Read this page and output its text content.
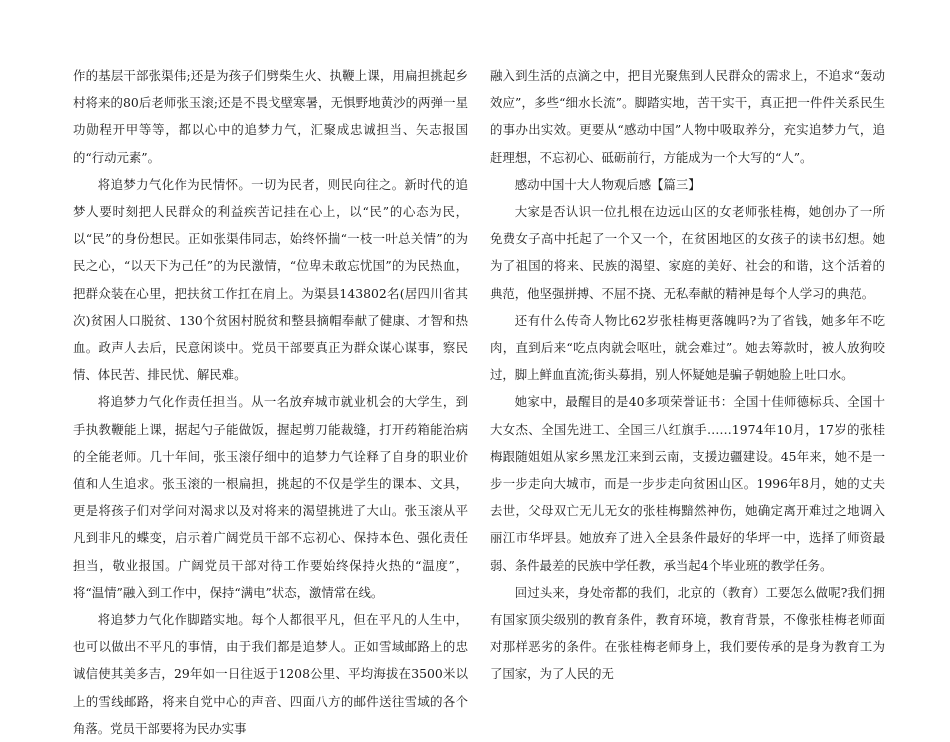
作的基层干部张渠伟;还是为孩子们劈柴生火、执鞭上课，用扁担挑起乡村将来的80后老师张玉滚;还是不畏戈壁寒暑，无惧野地黄沙的两弹一星功勋程开甲等等，都以心中的追梦力气，汇聚成忠诚担当、矢志报国的“行动元素”。

将追梦力气化作为民情怀。一切为民者，则民向往之。新时代的追梦人要时刻把人民群众的利益疾苦记挂在心上，以“民”的心态为民，以“民”的身份想民。正如张渠伟同志，始终怀揣“一枝一叶总关情”的为民之心，“以天下为己任”的为民激情，“位卑未敢忘忧国”的为民热血，把群众装在心里，把扶贫工作扛在肩上。为渠县143802名(居四川省其次)贫困人口脱贫、130个贫困村脱贫和整县摘帽奉献了健康、才智和热血。政声人去后，民意闲谈中。党员干部要真正为群众谋心谋事，察民情、体民苦、排民忧、解民难。

将追梦力气化作责任担当。从一名放弃城市就业机会的大学生，到手执教鞭能上课，据起勺子能做饭，握起剪刀能裁缝，打开药箱能治病的全能老师。几十年间，张玉滚仔细中的追梦力气诠释了自身的职业价值和人生追求。张玉滚的一根扁担，挑起的不仅是学生的课本、文具，更是将孩子们对学问对渴求以及对将来的渴望挑进了大山。张玉滚从平凡到非凡的蝶变，启示着广阔党员干部不忘初心、保持本色、强化责任担当，敬业报国。广阔党员干部对待工作要始终保持火热的“温度”，将“温情”融入到工作中，保持“满电”状态，激情常在线。

将追梦力气化作脚踏实地。每个人都很平凡，但在平凡的人生中，也可以做出不平凡的事情，由于我们都是追梦人。正如雪域邮路上的忠诚信使其美多吉，29年如一日往返于1208公里、平均海拔在3500米以上的雪线邮路，将来自党中心的声音、四面八方的邮件送往雪域的各个角落。党员干部要将为民办实事

融入到生活的点滴之中，把目光聚焦到人民群众的需求上，不追求“轰动效应”，多些“细水长流”。脚踏实地，苦干实干，真正把一件件关系民生的事办出实效。更要从“感动中国”人物中吸取养分，充实追梦力气，追赶理想，不忘初心、砥砺前行，方能成为一个大写的“人”。

感动中国十大人物观后感【篇三】

大家是否认识一位扎根在边远山区的女老师张桂梅，她创办了一所免费女子高中托起了一个又一个，在贫困地区的女孩子的读书幻想。她为了祖国的将来、民族的渴望、家庭的美好、社会的和谐，这个活着的典范，他坚强拼搏、不屈不挠、无私奉献的精神是每个人学习的典范。

还有什么传奇人物比62岁张桂梅更落魄吗?为了省钱，她多年不吃肉，直到后来“吃点肉就会呕吐，就会难过”。她去筹款时，被人放狗咬过，脚上鲜血直流;街头募捐，别人怀疑她是骗子朝她脸上吐口水。

她家中，最醒目的是40多项荣誉证书：全国十佳师德标兵、全国十大女杰、全国先进工、全国三八红旗手……1974年10月，17岁的张桂梅跟随姐姐从家乡黑龙江来到云南，支援边疆建设。45年来，她不是一步一步走向大城市，而是一步步走向贫困山区。1996年8月，她的丈夫去世，父母双亡无儿无女的张桂梅黯然神伤，她确定离开难过之地调入丽江市华坪县。她放弃了进入全县条件最好的华坪一中，选择了师资最弱、条件最差的民族中学任教，承当起4个毕业班的教学任务。

回过头来，身处帝都的我们，北京的（教育）工要怎么做呢?我们拥有国家顶尖级别的教育条件，教育环境，教育背景，不像张桂梅老师面对那样恶劣的条件。在张桂梅老师身上，我们要传承的是身为教育工为了国家，为了人民的无
